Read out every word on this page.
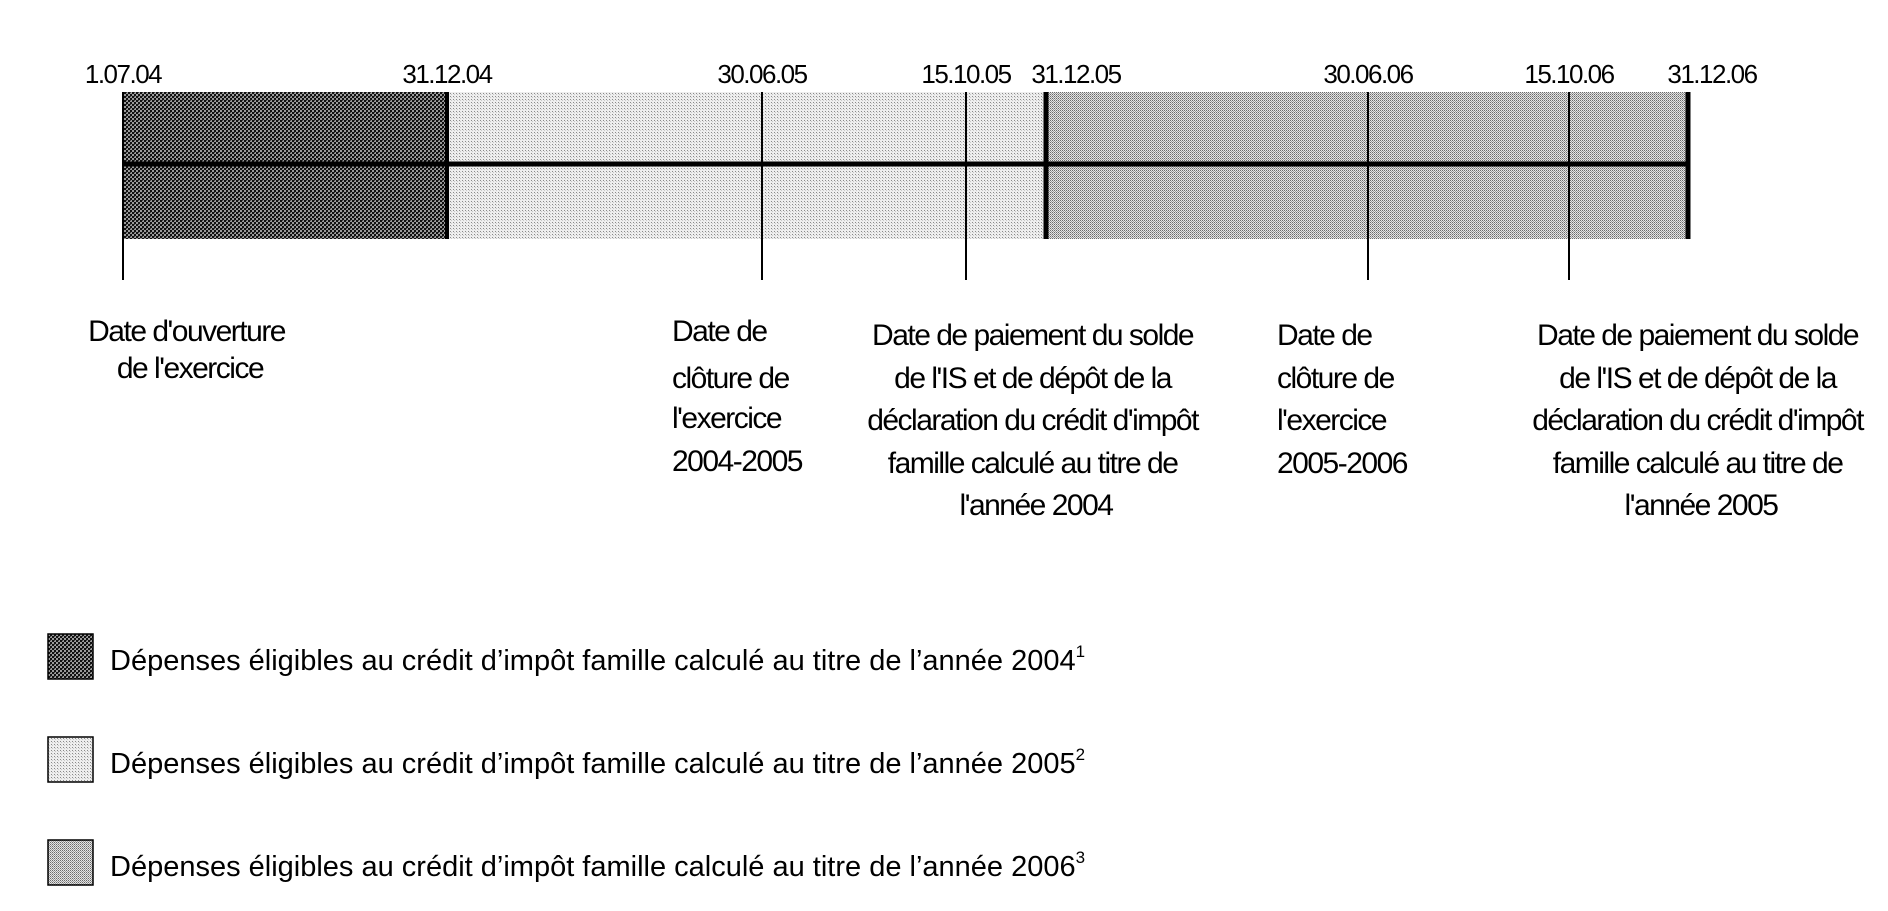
1.07.04	31.12.04	30.06.05	15.10.05 31.12.05	30.06.06	15.10.06 31.12.06
Date d'ouverture de l'exercice
Date de clôture de l'exercice 2004-2005
Date de paiement du solde de l'IS et de dépôt de la déclaration du crédit d'impôt famille calculé au titre de l'année 2004
Date de clôture de l'exercice 2005-2006
Date de paiement du solde de l'IS et de dépôt de la déclaration du crédit d'impôt famille calculé au titre de l'année 2005
Dépenses éligibles au crédit d’impôt famille calculé au titre de l’année 2004$^1$
Dépenses éligibles au crédit d’impôt famille calculé au titre de l’année 2005$^2$
Dépenses éligibles au crédit d’impôt famille calculé au titre de l’année 2006$^3$
